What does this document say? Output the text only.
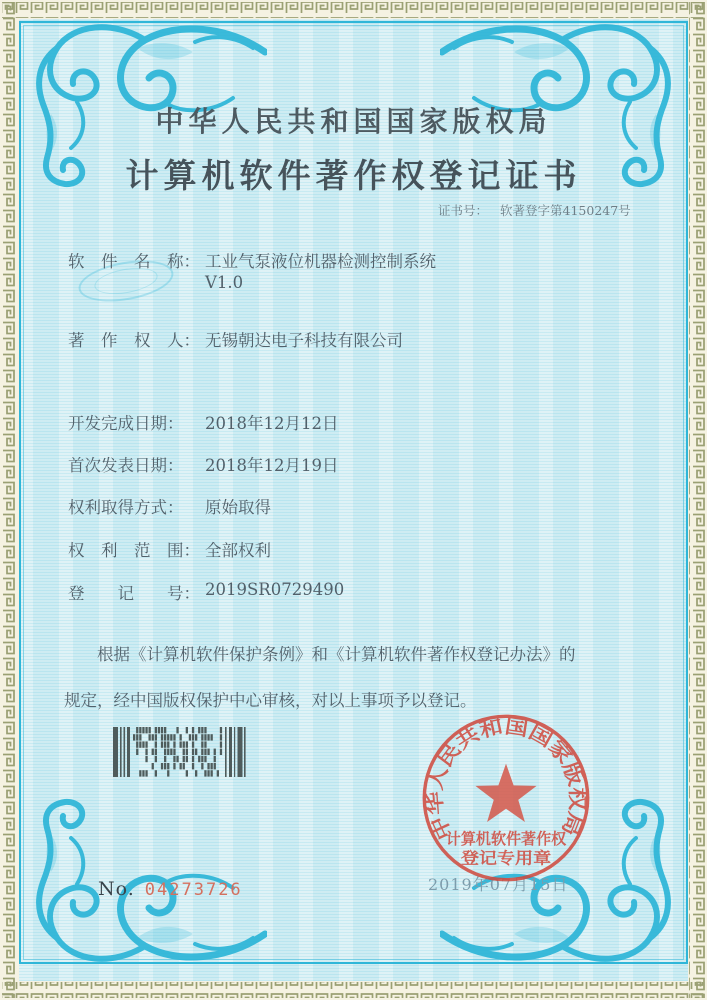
中华人民共和国国家版权局
计算机软件著作权登记证书
证书号： 软著登字第4150247号
软　件　名　称： 工业气泵液位机器检测控制系统
V1.0
著　作　权　人： 无锡朝达电子科技有限公司
开发完成日期： 2018年12月12日
首次发表日期： 2018年12月19日
权利取得方式： 原始取得
权　利　范　围： 全部权利
登　　记　　号： 2019SR0729490
根据《计算机软件保护条例》和《计算机软件著作权登记办法》的
规定，经中国版权保护中心审核，对以上事项予以登记。
2019年07月15日
中华人民共和国国家版权局
计算机软件著作权
登记专用章
No. 04273726
